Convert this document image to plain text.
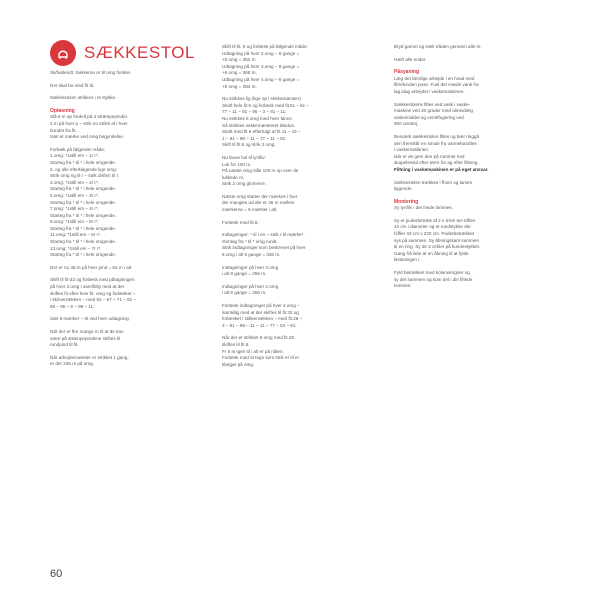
SÆKKESTOL

Sk/fuldendt: Sekkerne er til omg forskle.

Der skal bo med fit til.

Sækkestolen strikkes i et stykke.

Opløsning

Slå 6 m op fordelt på 4 strømpepinder.
2 m på hver p – strik en strikk af i hver
bundet fra fit.
Sæt et mærke ved omg begyndelse.

Forkæk på følgende måde:
1.omg: *1still em – 1r r*.
Starteg fra * til * i hele omgende.
2. og alle efterfølgende lige omg:
Strik omg rig til r – strik drithm til r.
3.omg: *1still em – 2r r*.
Starteg fra * til * i hele omgende.
5.omg: *1still em – 3r r*.
Starteg fra * til * i hele omgende.
7.omg: *1still em – 4r r*.
Starteg fra * til * i hele omgende.
9.omg: *1still em – 5r r*.
Starteg fra * til * i hele omgende.
11.omg: *1still em – 6r r*.
Starteg fra * til * i hele omgende.
13.omg: *1still em – 7r r*.
Starteg fra * til * i hele omgende.

Der er nu 48 m på hver pind = 64 m i alt.

Skift til fit-32 og forlæsk med påtagningen
på hver 2.omg i samlfolty med at der
skiftes fit efter hver fit. omg og forlæsket –
i skriverrækken – med 54 – 67 – 71 – 81 –
88 – 95 – 6 – 99 – 11.

Sæt 8 mærker – ét ved hver udtagning.

Når der er fire mange m til at de kan
være på strømpepindene skiftes til
rundpind til fit.

Når arbejdemønster er strikket 1 gang,
er der 336 m på omg.

Skift til fit. 6 og forlæsk på følgende måde:
Udtagning på hver 2.omg – 8 gange =
+8 omg = 352 m.
Udtagning på hver 3.omg – 8 gange =
+8 omg = 368 m.
Udtagning på hver 4.omg – 8 gange =
+8 omg = 384 m.

Nu strikkes lig (lige op i sekkemønster).
Skaft hele fit.6 og forlæsk med fit.6c – 6c –
77 – 11 – 91 – 95 – 3 – 91 – 11.
Nu strikkes 6 omg med hver fance.
Så strikkes sekkemønsteret tilsidus.
Skaft med fit 6 efterfulgt af fit 11 – 16 –
1 – 91 – 99 – 11 – 77 – 11 – 91.
Skift til fit.6 og strik 2 omg.

Nu lavas hul til lynfilv:
Luk for 100 m.
På næste omg slås 100 m op over de
lukkede m.
Strik 2 omg glomerre.

Næste omg starter der mærkes i fuer
der mangles ud der er 36 m mellem
mærkerne = 8 mærker i alt.

Forlæsk med fit.6:

Indtagninger: * til i en – strik r til mærke*.
Gentag fra * til * omg rundt.
Strik indtagninger som beskrevet på hver
6.omg i alt 6 gange = 336 m.

Indtagninger på hver 3.omg
i alt 8 gange = 256 m.

Indtagninger på hver 2.omg
i alt 8 gange = 256 m.

Forlæsk indtagninger på hver 2.omg –
samtidig med at der skiftes til fit.32 og
forlæsket i stikkerrækken – med fit.26 –
3 – 91 – 99 – 11 – 11 – 77 – 53 – 91.

Når der er strikket 8 omg med fit.26
skiftes til fit.6.
Fr 8 m igen til i alt er på nålen.
Forlæsk med et tegn som strik er til er
klargør på omg.

Bryd garnet og træk tråden gennem alle m.

Hæft alle ender.

Påsyaning

Læg det færdige arbejde i en hvad med
filtrefunden pose. Fusl det mæde vank fra
lag idag arbejdet i vaskemaskinen.

Sækkestolens filtes ved vask i vaske-
maskine ved 40 grader med almindelig
vaskemiddel og centrifugering ved
900 omdrej.

Bemærk sækkestolen filtes og bær ringgå
den fremstår en smule fra varmehandtes
i vaskemaskinen.
Når er de gem den på rummet ned
skapelsesid efter tørre for ag efter filtning.
Filtning i vaskemaskinen er på eget ansvar.

Sækkestolen trækkes i fhom og lames
liggende.

Montering

Sy lynfilv i det hvide lommes.

Sy et puderbetræk af 2 x ti-kin ten triflen
42 cm i diameter og et rundstykke der
hiffler 43 cm x 220 cm. Puderbetrækket
sys på sammen. Sy åbningskant sammen
til en ring. Sy de 2 cirkler på kundestykket.
Gang frå ikke at en åbning til at fylde
kistanisgen i.

Fyld betrækket med kolaneirsgrier og
sy det sammen og kom det i din filtede
lommes.

60
